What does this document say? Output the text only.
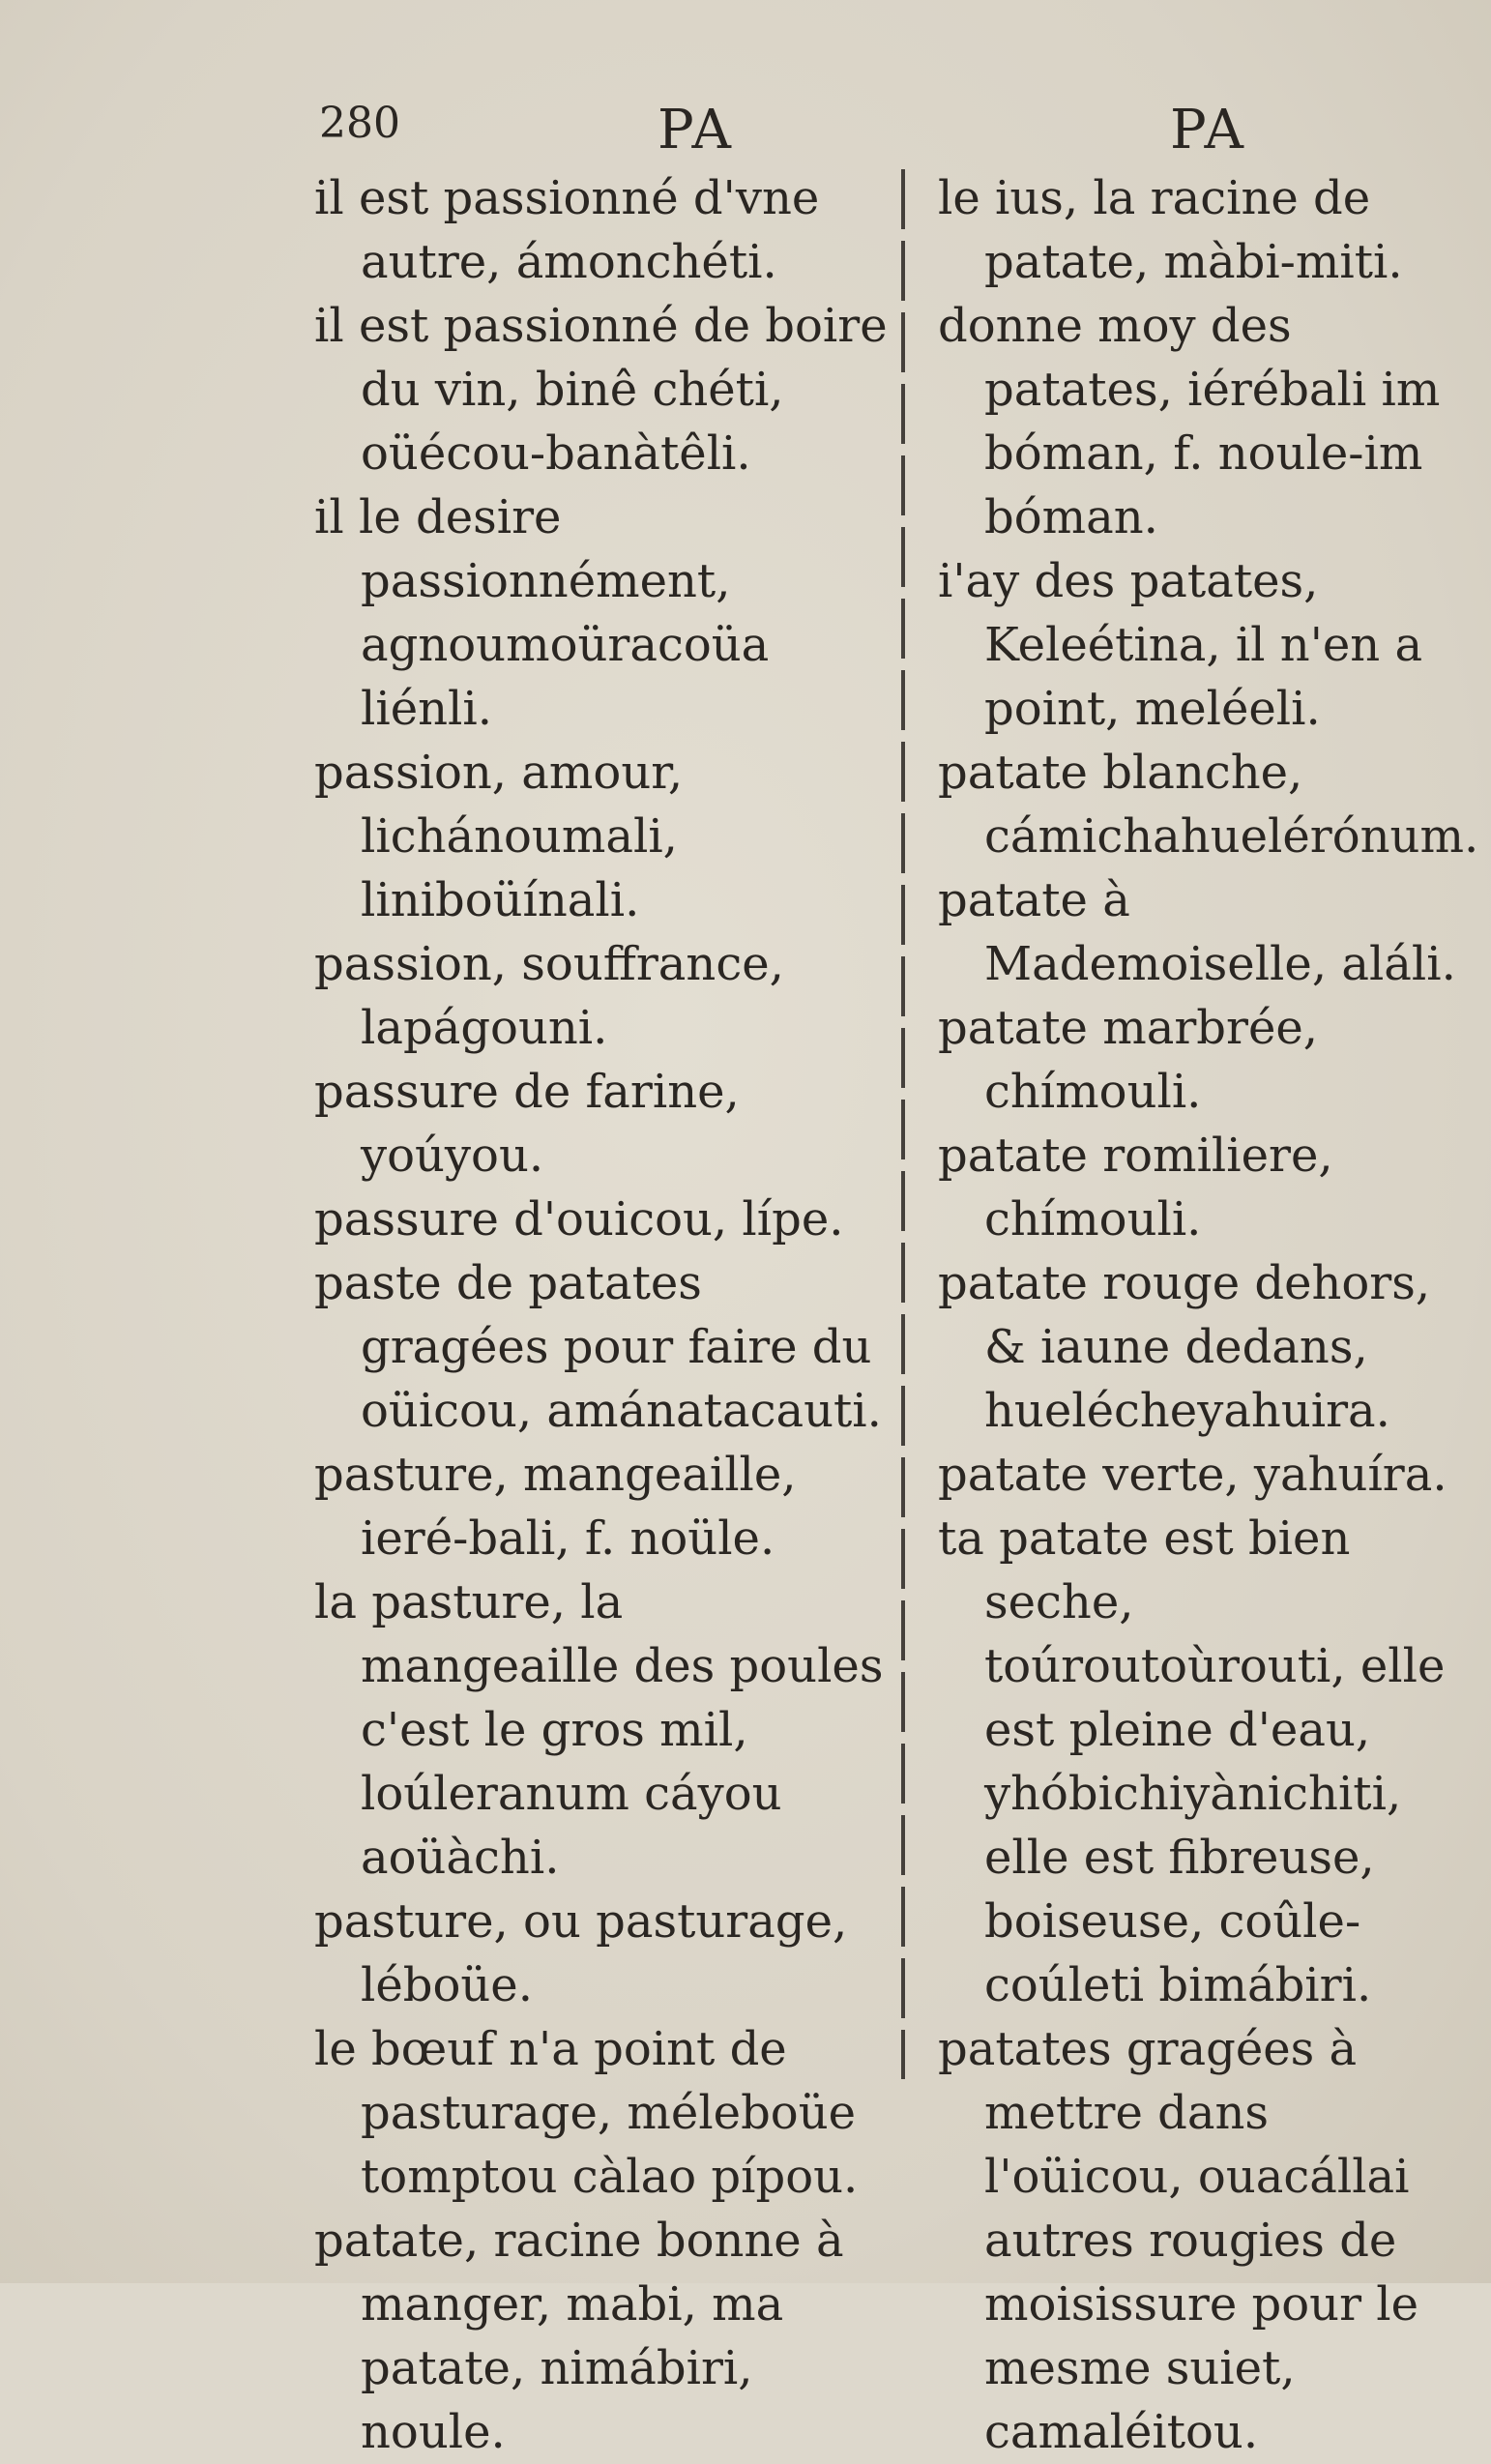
280	PA	PA

il est passionné d'vne autre, ámonchéti.

il est passionné de boire du vin, binê chéti, oüécou-banàtêli.

il le desire passionnément, agnoumoüracoüa liénli.

passion, amour, lichánoumali, liniboüínali.

passion, souffrance, lapágouni.

passure de farine, yoúyou.

passure d'ouicou, lípe.

paste de patates gragées pour faire du oüicou, amánatacauti.

pasture, mangeaille, ieré-bali, f. noüle.

la pasture, la mangeaille des poules c'est le gros mil, loúleranum cáyou aoüàchi.

pasture, ou pasturage, léboüe.

le bœuf n'a point de pasturage, méleboüe tomptou càlao pípou.

patate, racine bonne à manger, mabi, ma patate, nimábiri, noule.

le ius, la racine de patate, màbi-miti.

donne moy des patates, iérébali im bóman, f. noule-im bóman.

i'ay des patates, Keleétina, il n'en a point, meléeli.

patate blanche, cámichahuelérónum.

patate à Mademoiselle, aláli.

patate marbrée, chímouli.

patate romiliere, chímouli.

patate rouge dehors, & iaune dedans, huelécheyahuira.

patate verte, yahuíra.

ta patate est bien seche, toúroutoùrouti, elle est pleine d'eau, yhóbichiyànichiti, elle est fibreuse, boiseuse, coûle-coúleti bimábiri.

patates gragées à mettre dans l'oüicou, ouacállai autres rougies de moisissure pour le mesme suiet, camaléitou.
